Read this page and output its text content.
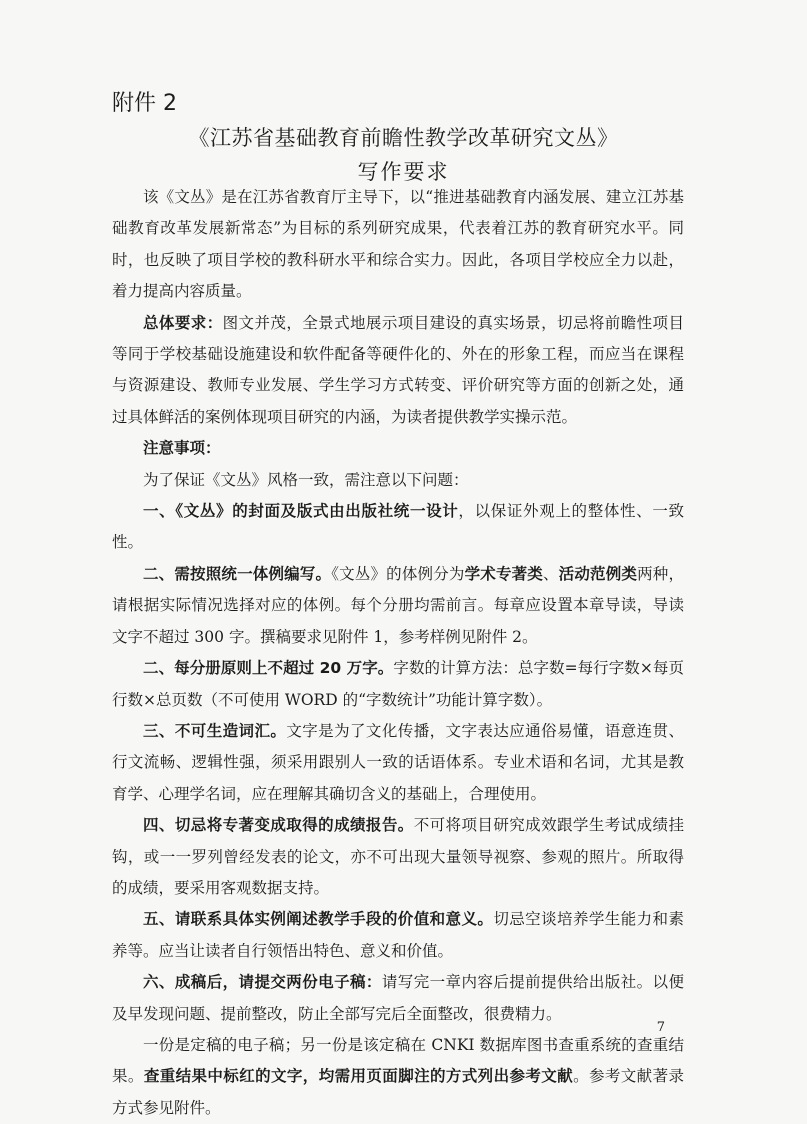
附件 2
《江苏省基础教育前瞻性教学改革研究文丛》
写作要求

该《文丛》是在江苏省教育厅主导下，以“推进基础教育内涵发展、建立江苏基础教育改革发展新常态”为目标的系列研究成果，代表着江苏的教育研究水平。同时，也反映了项目学校的教科研水平和综合实力。因此，各项目学校应全力以赴，着力提高内容质量。

总体要求：图文并茂，全景式地展示项目建设的真实场景，切忌将前瞻性项目等同于学校基础设施建设和软件配备等硬件化的、外在的形象工程，而应当在课程与资源建设、教师专业发展、学生学习方式转变、评价研究等方面的创新之处，通过具体鲜活的案例体现项目研究的内涵，为读者提供教学实操示范。

注意事项：

为了保证《文丛》风格一致，需注意以下问题：

一、《文丛》的封面及版式由出版社统一设计，以保证外观上的整体性、一致性。

二、需按照统一体例编写。《文丛》的体例分为学术专著类、活动范例类两种，请根据实际情况选择对应的体例。每个分册均需前言。每章应设置本章导读，导读文字不超过 300 字。撰稿要求见附件 1，参考样例见附件 2。

二、每分册原则上不超过 20 万字。字数的计算方法：总字数=每行字数×每页行数×总页数（不可使用 WORD 的“字数统计”功能计算字数）。

三、不可生造词汇。文字是为了文化传播，文字表达应通俗易懂，语意连贯、行文流畅、逻辑性强，须采用跟别人一致的话语体系。专业术语和名词，尤其是教育学、心理学名词，应在理解其确切含义的基础上，合理使用。

四、切忌将专著变成取得的成绩报告。不可将项目研究成效跟学生考试成绩挂钩，或一一罗列曾经发表的论文，亦不可出现大量领导视察、参观的照片。所取得的成绩，要采用客观数据支持。

五、请联系具体实例阐述教学手段的价值和意义。切忌空谈培养学生能力和素养等。应当让读者自行领悟出特色、意义和价值。

六、成稿后，请提交两份电子稿：请写完一章内容后提前提供给出版社。以便及早发现问题、提前整改，防止全部写完后全面整改，很费精力。

一份是定稿的电子稿；另一份是该定稿在 CNKI 数据库图书查重系统的查重结果。查重结果中标红的文字，均需用页面脚注的方式列出参考文献。参考文献著录方式参见附件。

7
